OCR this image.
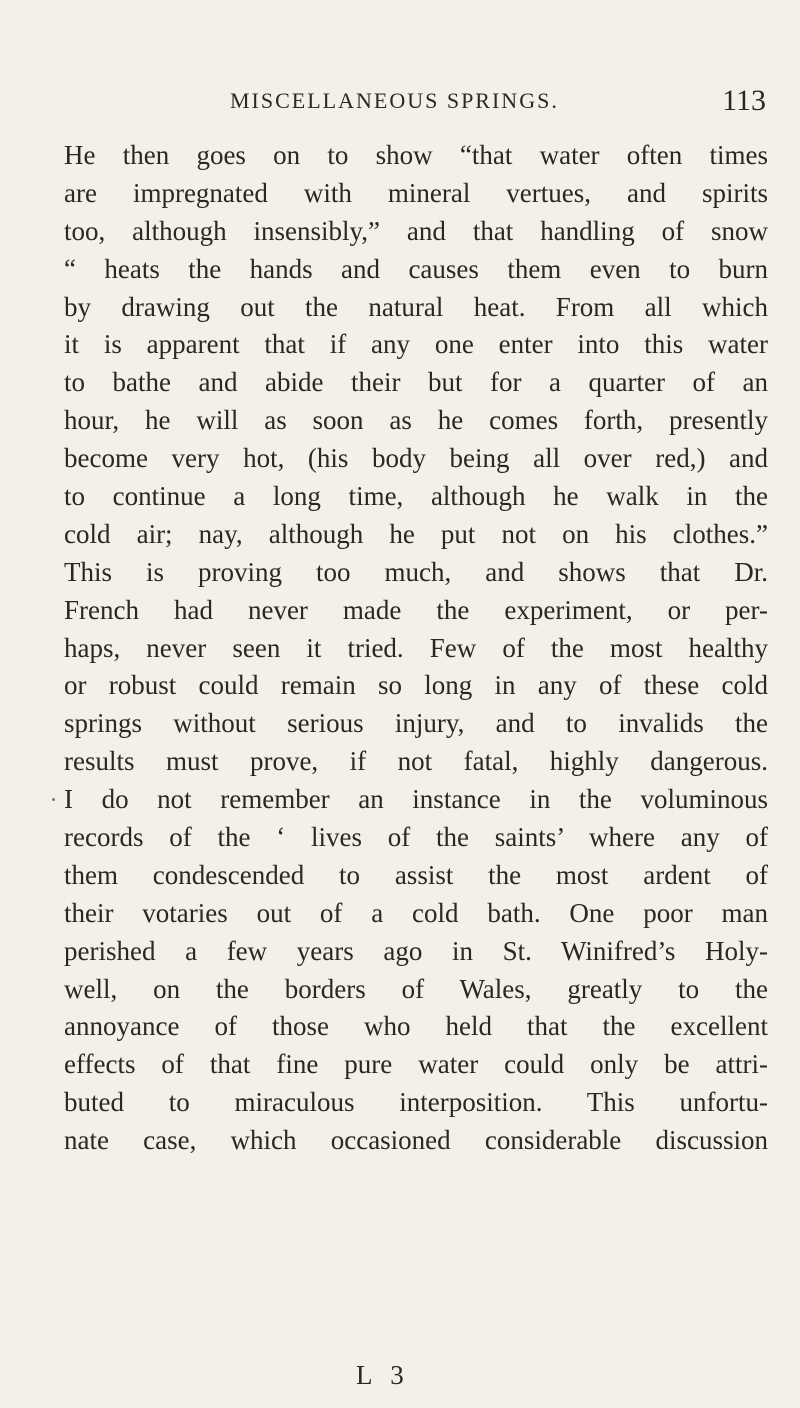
MISCELLANEOUS SPRINGS.	113
He then goes on to show “that water often times
are impregnated with mineral vertues, and spirits
too, although insensibly,” and that handling of snow
“ heats the hands and causes them even to burn
by drawing out the natural heat. From all which
it is apparent that if any one enter into this water
to bathe and abide their but for a quarter of an
hour, he will as soon as he comes forth, presently
become very hot, (his body being all over red,) and
to continue a long time, although he walk in the
cold air; nay, although he put not on his clothes.”
This is proving too much, and shows that Dr.
French had never made the experiment, or per-
haps, never seen it tried. Few of the most healthy
or robust could remain so long in any of these cold
springs without serious injury, and to invalids the
results must prove, if not fatal, highly dangerous.
I do not remember an instance in the voluminous
records of the ‘ lives of the saints’ where any of
them condescended to assist the most ardent of
their votaries out of a cold bath. One poor man
perished a few years ago in St. Winifred’s Holy-
well, on the borders of Wales, greatly to the
annoyance of those who held that the excellent
effects of that fine pure water could only be attri-
buted to miraculous interposition. This unfortu-
nate case, which occasioned considerable discussion
L 3
